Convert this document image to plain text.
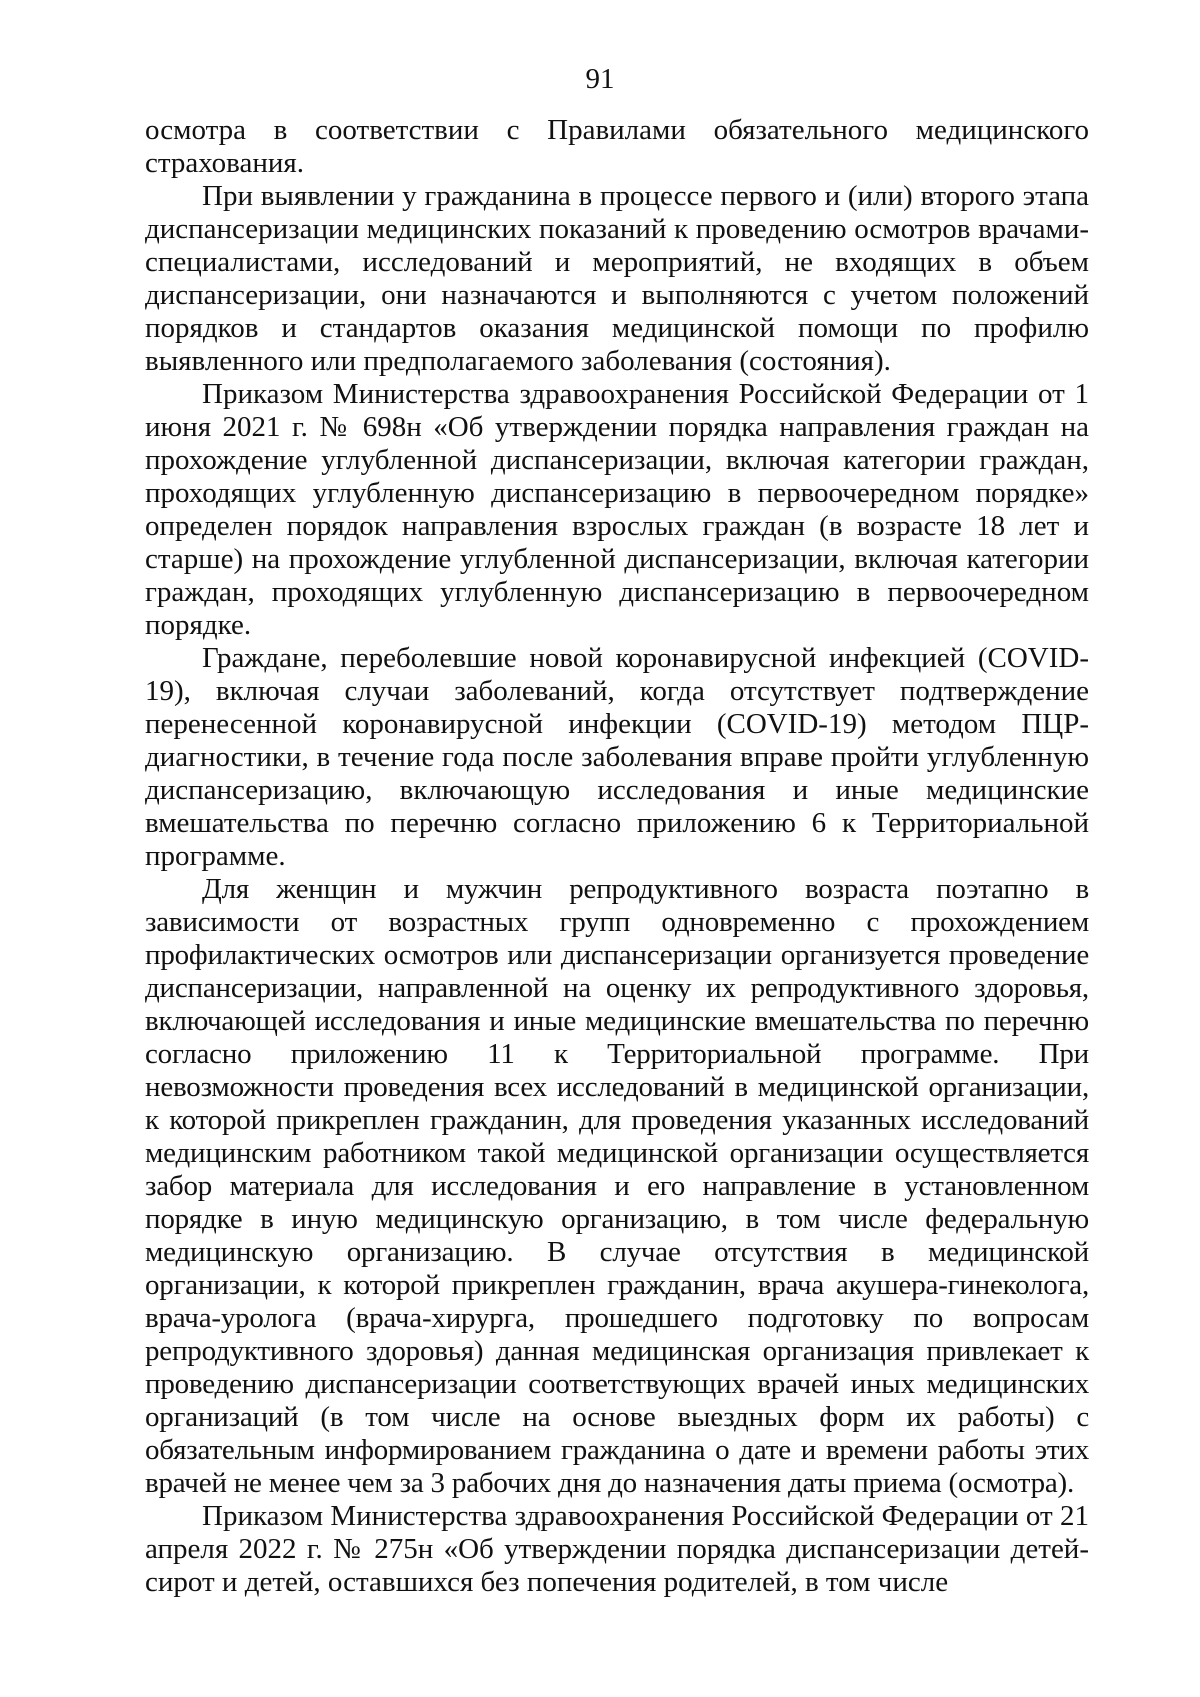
91

осмотра в соответствии с Правилами обязательного медицинского страхования.

При выявлении у гражданина в процессе первого и (или) второго этапа диспансеризации медицинских показаний к проведению осмотров врачами-специалистами, исследований и мероприятий, не входящих в объем диспансеризации, они назначаются и выполняются с учетом положений порядков и стандартов оказания медицинской помощи по профилю выявленного или предполагаемого заболевания (состояния).

Приказом Министерства здравоохранения Российской Федерации от 1 июня 2021 г. № 698н «Об утверждении порядка направления граждан на прохождение углубленной диспансеризации, включая категории граждан, проходящих углубленную диспансеризацию в первоочередном порядке» определен порядок направления взрослых граждан (в возрасте 18 лет и старше) на прохождение углубленной диспансеризации, включая категории граждан, проходящих углубленную диспансеризацию в первоочередном порядке.

Граждане, переболевшие новой коронавирусной инфекцией (COVID-19), включая случаи заболеваний, когда отсутствует подтверждение перенесенной коронавирусной инфекции (COVID-19) методом ПЦР-диагностики, в течение года после заболевания вправе пройти углубленную диспансеризацию, включающую исследования и иные медицинские вмешательства по перечню согласно приложению 6 к Территориальной программе.

Для женщин и мужчин репродуктивного возраста поэтапно в зависимости от возрастных групп одновременно с прохождением профилактических осмотров или диспансеризации организуется проведение диспансеризации, направленной на оценку их репродуктивного здоровья, включающей исследования и иные медицинские вмешательства по перечню согласно приложению 11 к Территориальной программе. При невозможности проведения всех исследований в медицинской организации, к которой прикреплен гражданин, для проведения указанных исследований медицинским работником такой медицинской организации осуществляется забор материала для исследования и его направление в установленном порядке в иную медицинскую организацию, в том числе федеральную медицинскую организацию. В случае отсутствия в медицинской организации, к которой прикреплен гражданин, врача акушера-гинеколога, врача-уролога (врача-хирурга, прошедшего подготовку по вопросам репродуктивного здоровья) данная медицинская организация привлекает к проведению диспансеризации соответствующих врачей иных медицинских организаций (в том числе на основе выездных форм их работы) с обязательным информированием гражданина о дате и времени работы этих врачей не менее чем за 3 рабочих дня до назначения даты приема (осмотра).

Приказом Министерства здравоохранения Российской Федерации от 21 апреля 2022 г. № 275н «Об утверждении порядка диспансеризации детей-сирот и детей, оставшихся без попечения родителей, в том числе
